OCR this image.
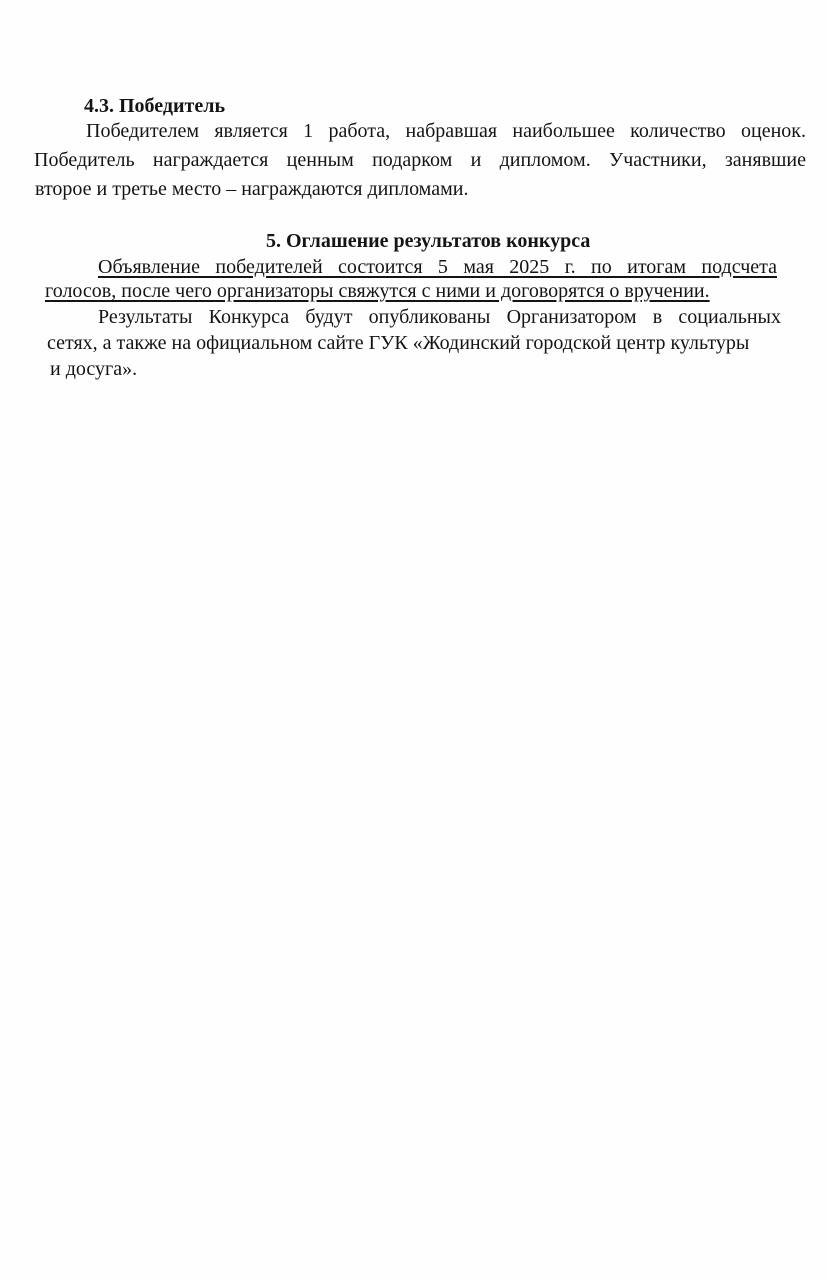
4.3. Победитель
Победителем является 1 работа, набравшая наибольшее количество оценок.
Победитель награждается ценным подарком и дипломом. Участники, занявшие
второе и третье место – награждаются дипломами.
5. Оглашение результатов конкурса
Объявление победителей состоится 5 мая 2025 г. по итогам подсчета
голосов, после чего организаторы свяжутся с ними и договорятся о вручении.
Результаты Конкурса будут опубликованы Организатором в социальных
сетях, а также на официальном сайте ГУК «Жодинский городской центр культуры
и досуга».
